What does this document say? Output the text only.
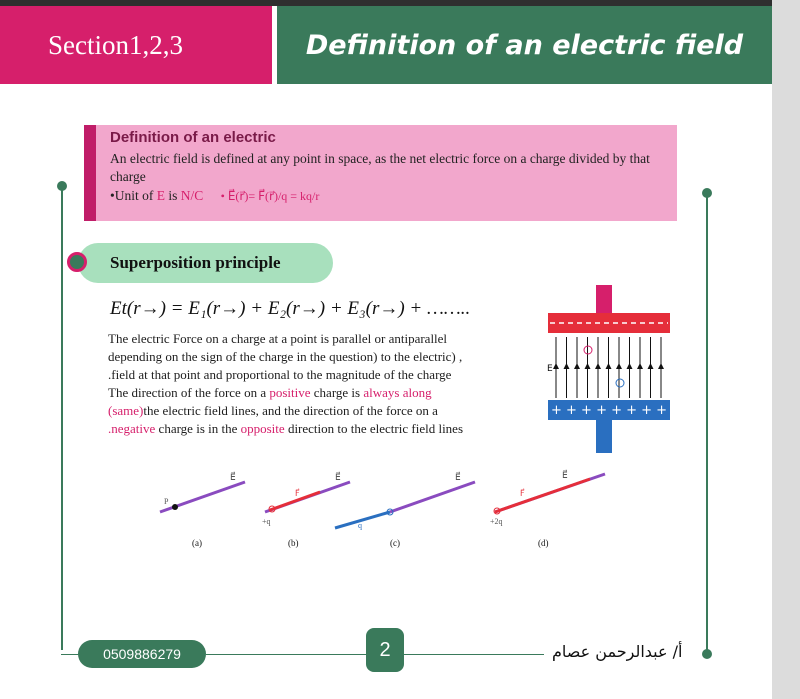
Section1,2,3	Definition of an electric field
Definition of an electric
An electric field is defined at any point in space, as the net electric force on a charge divided by that charge
•Unit of E is N/C • E⃗(r⃗)= F⃗(r⃗)/q = kq/r
Superposition principle
Et(r→) = E₁(r→) + E₂(r→) + E₃(r→) + ……..
The electric Force on a charge at a point is parallel or antiparallel
depending on the sign of the charge in the question) to the electric) ,
.field at that point and proportional to the magnitude of the charge
The direction of the force on a positive charge is always along
(same)the electric field lines, and the direction of the force on a
.negative charge is in the opposite direction to the electric field lines
+ + + + + + + + +
E
E⃗
P
E⃗
F⃗
+q
E⃗
q
E⃗
F⃗
+2q
(a)	(b)	(c)	(d)
0509886279	2	أ/ عبدالرحمن عصام
